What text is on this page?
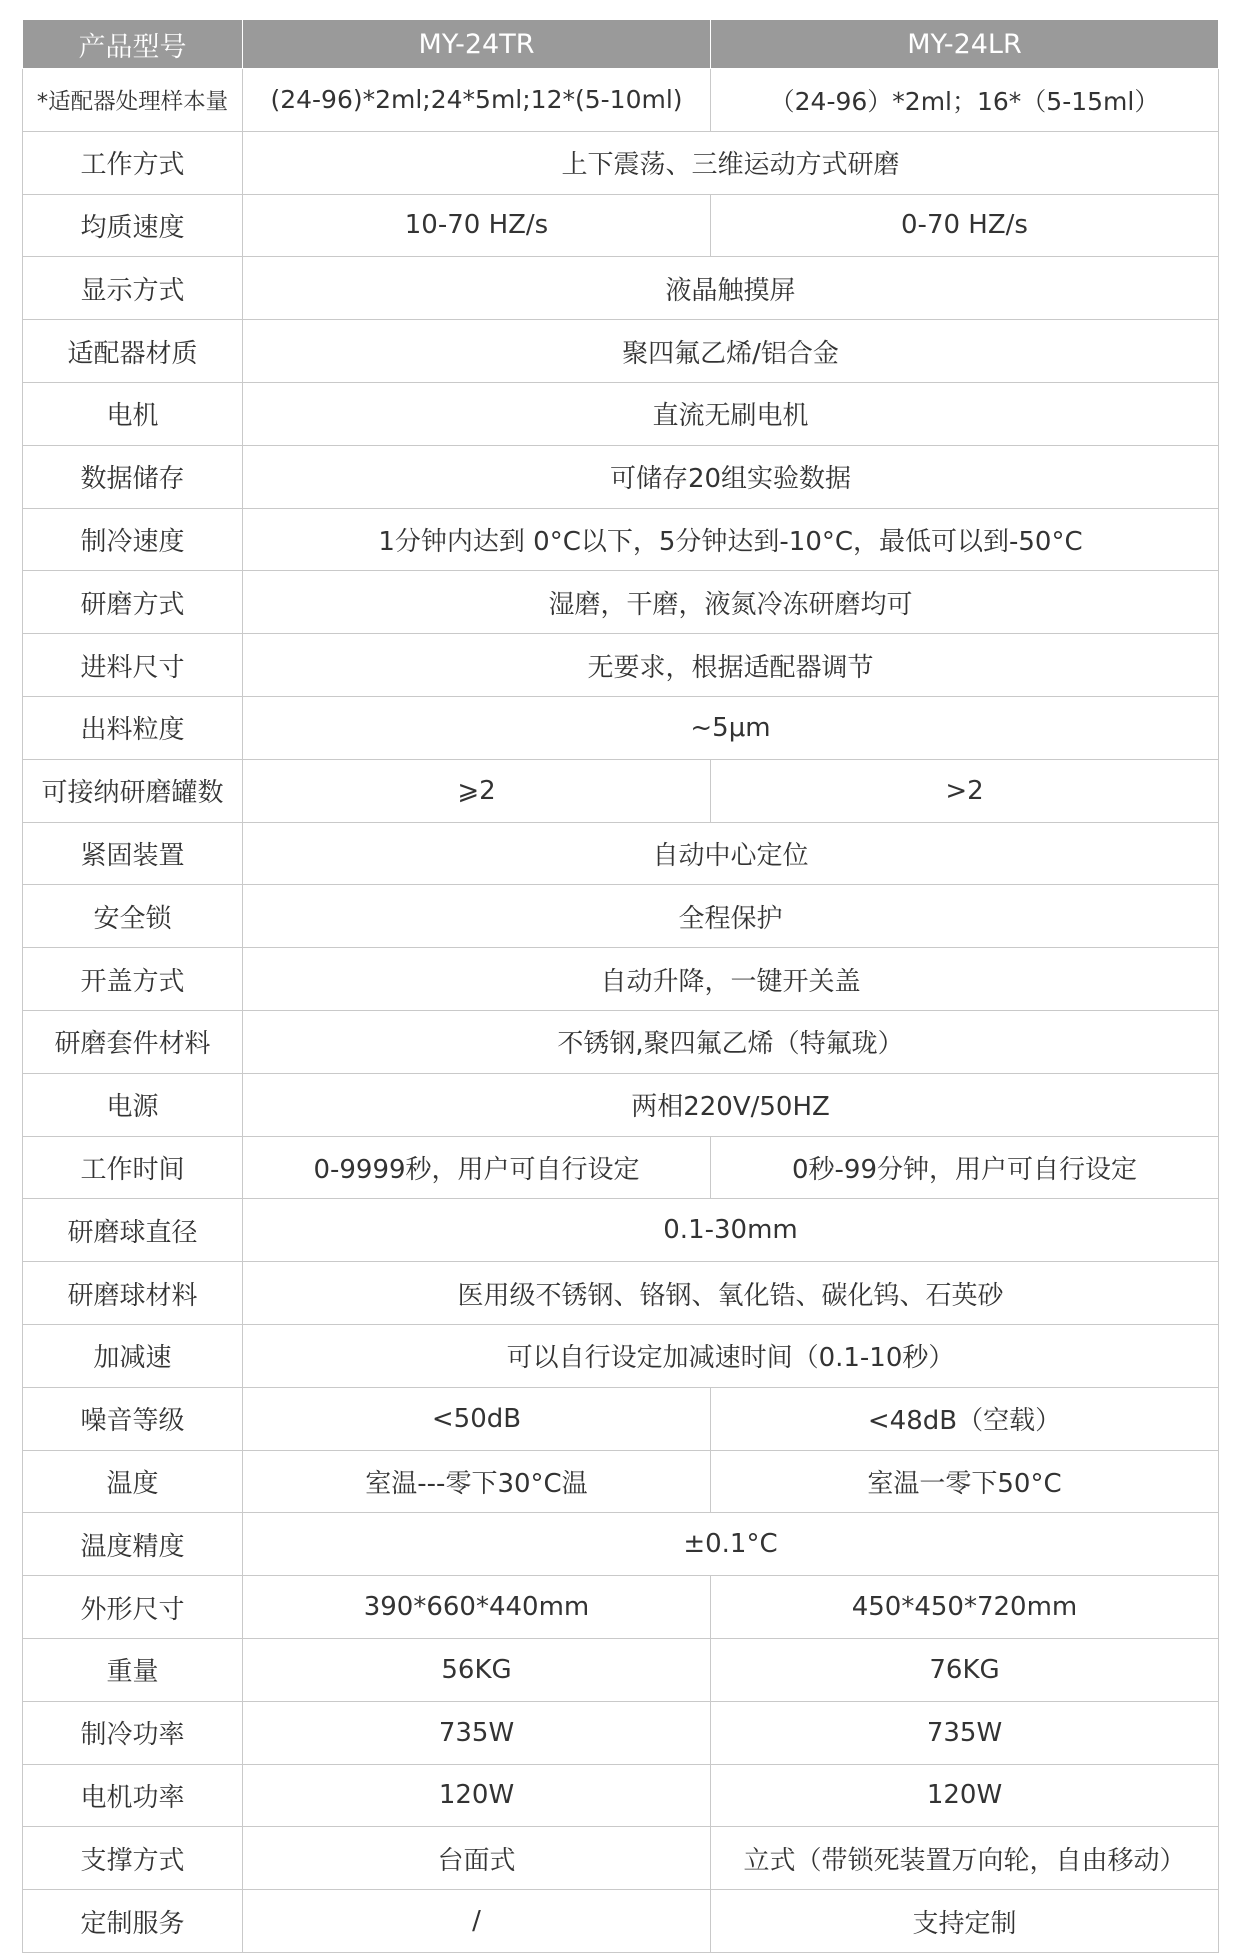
产品型号	MY-24TR	MY-24LR
*适配器处理样本量	(24-96)*2ml;24*5ml;12*(5-10ml)	（24-96）*2ml；16*（5-15ml）
工作方式	上下震荡、三维运动方式研磨	
均质速度	10-70 HZ/s	0-70 HZ/s
显示方式	液晶触摸屏	
适配器材质	聚四氟乙烯/铝合金	
电机	直流无刷电机	
数据储存	可储存20组实验数据	
制冷速度	1分钟内达到 0°C以下，5分钟达到-10°C，最低可以到-50°C	
研磨方式	湿磨，干磨，液氮冷冻研磨均可	
进料尺寸	无要求，根据适配器调节	
出料粒度	~5μm	
可接纳研磨罐数	⩾2	>2
紧固装置	自动中心定位	
安全锁	全程保护	
开盖方式	自动升降，一键开关盖	
研磨套件材料	不锈钢,聚四氟乙烯（特氟珑）	
电源	两相220V/50HZ	
工作时间	0-9999秒，用户可自行设定	0秒-99分钟，用户可自行设定
研磨球直径	0.1-30mm	
研磨球材料	医用级不锈钢、铬钢、氧化锆、碳化钨、石英砂	
加减速	可以自行设定加减速时间（0.1-10秒）	
噪音等级	<50dB	<48dB（空载）
温度	室温---零下30°C温	室温一零下50°C
温度精度	±0.1°C	
外形尺寸	390*660*440mm	450*450*720mm
重量	56KG	76KG
制冷功率	735W	735W
电机功率	120W	120W
支撑方式	台面式	立式（带锁死装置万向轮，自由移动）
定制服务	/	支持定制
